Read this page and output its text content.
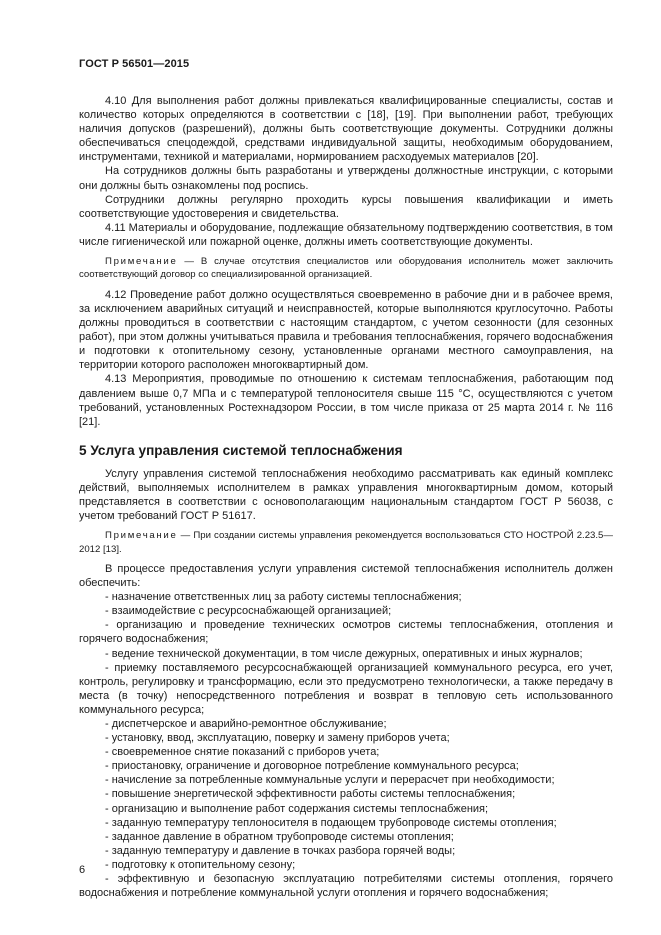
ГОСТ Р 56501—2015

4.10 Для выполнения работ должны привлекаться квалифицированные специалисты, состав и количество которых определяются в соответствии с [18], [19]. При выполнении работ, требующих наличия допусков (разрешений), должны быть соответствующие документы. Сотрудники должны обеспечиваться спецодеждой, средствами индивидуальной защиты, необходимым оборудованием, инструментами, техникой и материалами, нормированием расходуемых материалов [20].

На сотрудников должны быть разработаны и утверждены должностные инструкции, с которыми они должны быть ознакомлены под роспись.

Сотрудники должны регулярно проходить курсы повышения квалификации и иметь соответствующие удостоверения и свидетельства.

4.11 Материалы и оборудование, подлежащие обязательному подтверждению соответствия, в том числе гигиенической или пожарной оценке, должны иметь соответствующие документы.

Примечание — В случае отсутствия специалистов или оборудования исполнитель может заключить соответствующий договор со специализированной организацией.

4.12 Проведение работ должно осуществляться своевременно в рабочие дни и в рабочее время, за исключением аварийных ситуаций и неисправностей, которые выполняются круглосуточно. Работы должны проводиться в соответствии с настоящим стандартом, с учетом сезонности (для сезонных работ), при этом должны учитываться правила и требования теплоснабжения, горячего водоснабжения и подготовки к отопительному сезону, установленные органами местного самоуправления, на территории которого расположен многоквартирный дом.

4.13 Мероприятия, проводимые по отношению к системам теплоснабжения, работающим под давлением выше 0,7 МПа и с температурой теплоносителя свыше 115 °С, осуществляются с учетом требований, установленных Ростехнадзором России, в том числе приказа от 25 марта 2014 г. № 116 [21].

5 Услуга управления системой теплоснабжения

Услугу управления системой теплоснабжения необходимо рассматривать как единый комплекс действий, выполняемых исполнителем в рамках управления многоквартирным домом, который представляется в соответствии с основополагающим национальным стандартом ГОСТ Р 56038, с учетом требований ГОСТ Р 51617.

Примечание — При создании системы управления рекомендуется воспользоваться СТО НОСТРОЙ 2.23.5—2012 [13].

В процессе предоставления услуги управления системой теплоснабжения исполнитель должен обеспечить:

- назначение ответственных лиц за работу системы теплоснабжения;

- взаимодействие с ресурсоснабжающей организацией;

- организацию и проведение технических осмотров системы теплоснабжения, отопления и горячего водоснабжения;

- ведение технической документации, в том числе дежурных, оперативных и иных журналов;

- приемку поставляемого ресурсоснабжающей организацией коммунального ресурса, его учет, контроль, регулировку и трансформацию, если это предусмотрено технологически, а также передачу в места (в точку) непосредственного потребления и возврат в тепловую сеть использованного коммунального ресурса;

- диспетчерское и аварийно-ремонтное обслуживание;

- установку, ввод, эксплуатацию, поверку и замену приборов учета;

- своевременное снятие показаний с приборов учета;

- приостановку, ограничение и договорное потребление коммунального ресурса;

- начисление за потребленные коммунальные услуги и перерасчет при необходимости;

- повышение энергетической эффективности работы системы теплоснабжения;

- организацию и выполнение работ содержания системы теплоснабжения;

- заданную температуру теплоносителя в подающем трубопроводе системы отопления;

- заданное давление в обратном трубопроводе системы отопления;

- заданную температуру и давление в точках разбора горячей воды;

- подготовку к отопительному сезону;

- эффективную и безопасную эксплуатацию потребителями системы отопления, горячего водоснабжения и потребление коммунальной услуги отопления и горячего водоснабжения;

6
